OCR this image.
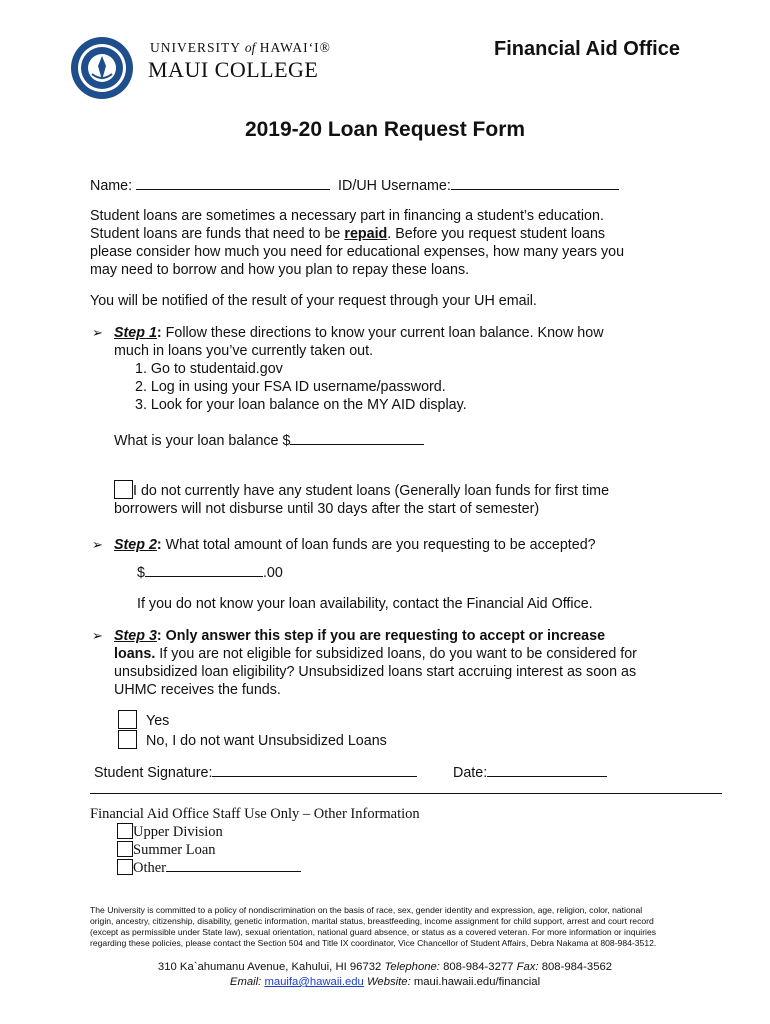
UNIVERSITY of HAWAI‘I®
MAUI COLLEGE
Financial Aid Office
2019-20 Loan Request Form
Name:	ID/UH Username:
Student loans are sometimes a necessary part in financing a student’s education.
Student loans are funds that need to be repaid. Before you request student loans
please consider how much you need for educational expenses, how many years you
may need to borrow and how you plan to repay these loans.
You will be notified of the result of your request through your UH email.
➢ Step 1: Follow these directions to know your current loan balance. Know how
much in loans you’ve currently taken out.
1. Go to studentaid.gov
2. Log in using your FSA ID username/password.
3. Look for your loan balance on the MY AID display.
What is your loan balance $
I do not currently have any student loans (Generally loan funds for first time
borrowers will not disburse until 30 days after the start of semester)
➢ Step 2: What total amount of loan funds are you requesting to be accepted?
$	.00
If you do not know your loan availability, contact the Financial Aid Office.
➢ Step 3: Only answer this step if you are requesting to accept or increase
loans. If you are not eligible for subsidized loans, do you want to be considered for
unsubsidized loan eligibility? Unsubsidized loans start accruing interest as soon as
UHMC receives the funds.
Yes
No, I do not want Unsubsidized Loans
Student Signature:	Date:
Financial Aid Office Staff Use Only – Other Information
Upper Division
Summer Loan
Other
The University is committed to a policy of nondiscrimination on the basis of race, sex, gender identity and expression, age, religion, color, national
origin, ancestry, citizenship, disability, genetic information, marital status, breastfeeding, income assignment for child support, arrest and court record
(except as permissible under State law), sexual orientation, national guard absence, or status as a covered veteran. For more information or inquiries
regarding these policies, please contact the Section 504 and Title IX coordinator, Vice Chancellor of Student Affairs, Debra Nakama at 808-984-3512.
310 Ka`ahumanu Avenue, Kahului, HI 96732 Telephone: 808-984-3277 Fax: 808-984-3562
Email: mauifa@hawaii.edu Website: maui.hawaii.edu/financial
